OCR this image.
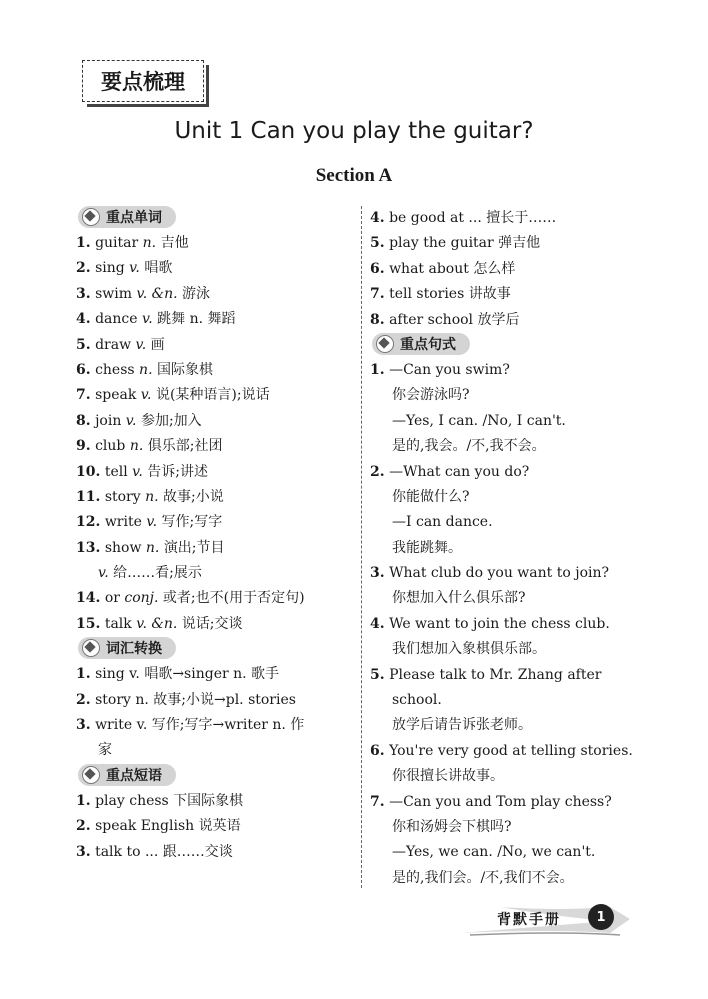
要点梳理
Unit 1 Can you play the guitar?
Section A
重点单词
1. guitar n. 吉他
2. sing v. 唱歌
3. swim v. &n. 游泳
4. dance v. 跳舞 n. 舞蹈
5. draw v. 画
6. chess n. 国际象棋
7. speak v. 说(某种语言);说话
8. join v. 参加;加入
9. club n. 俱乐部;社团
10. tell v. 告诉;讲述
11. story n. 故事;小说
12. write v. 写作;写字
13. show n. 演出;节目
v. 给……看;展示
14. or conj. 或者;也不(用于否定句)
15. talk v. &n. 说话;交谈
词汇转换
1. sing v. 唱歌→singer n. 歌手
2. story n. 故事;小说→pl. stories
3. write v. 写作;写字→writer n. 作
家
重点短语
1. play chess 下国际象棋
2. speak English 说英语
3. talk to ... 跟……交谈
4. be good at ... 擅长于……
5. play the guitar 弹吉他
6. what about 怎么样
7. tell stories 讲故事
8. after school 放学后
重点句式
1. —Can you swim?
你会游泳吗?
—Yes, I can. /No, I can't.
是的,我会。/不,我不会。
2. —What can you do?
你能做什么?
—I can dance.
我能跳舞。
3. What club do you want to join?
你想加入什么俱乐部?
4. We want to join the chess club.
我们想加入象棋俱乐部。
5. Please talk to Mr. Zhang after
school.
放学后请告诉张老师。
6. You're very good at telling stories.
你很擅长讲故事。
7. —Can you and Tom play chess?
你和汤姆会下棋吗?
—Yes, we can. /No, we can't.
是的,我们会。/不,我们不会。
背默手册	1
